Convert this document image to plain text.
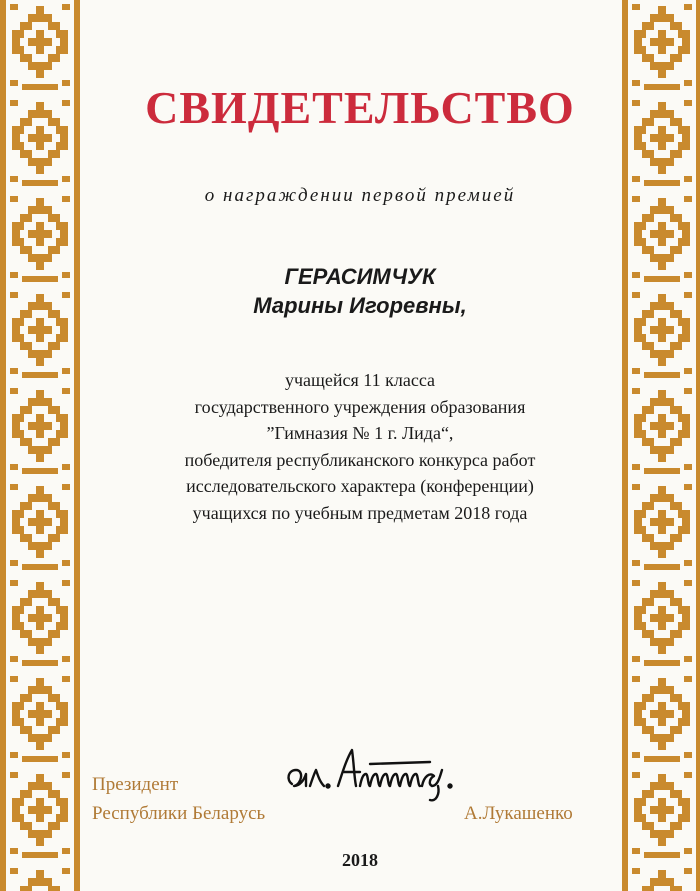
СВИДЕТЕЛЬСТВО
о награждении первой премией
ГЕРАСИМЧУК
Марины Игоревны,
учащейся 11 класса
государственного учреждения образования
”Гимназия № 1 г. Лида“,
победителя республиканского конкурса работ
исследовательского характера (конференции)
учащихся по учебным предметам 2018 года
Президент
Республики Беларусь	А.Лукашенко
2018
